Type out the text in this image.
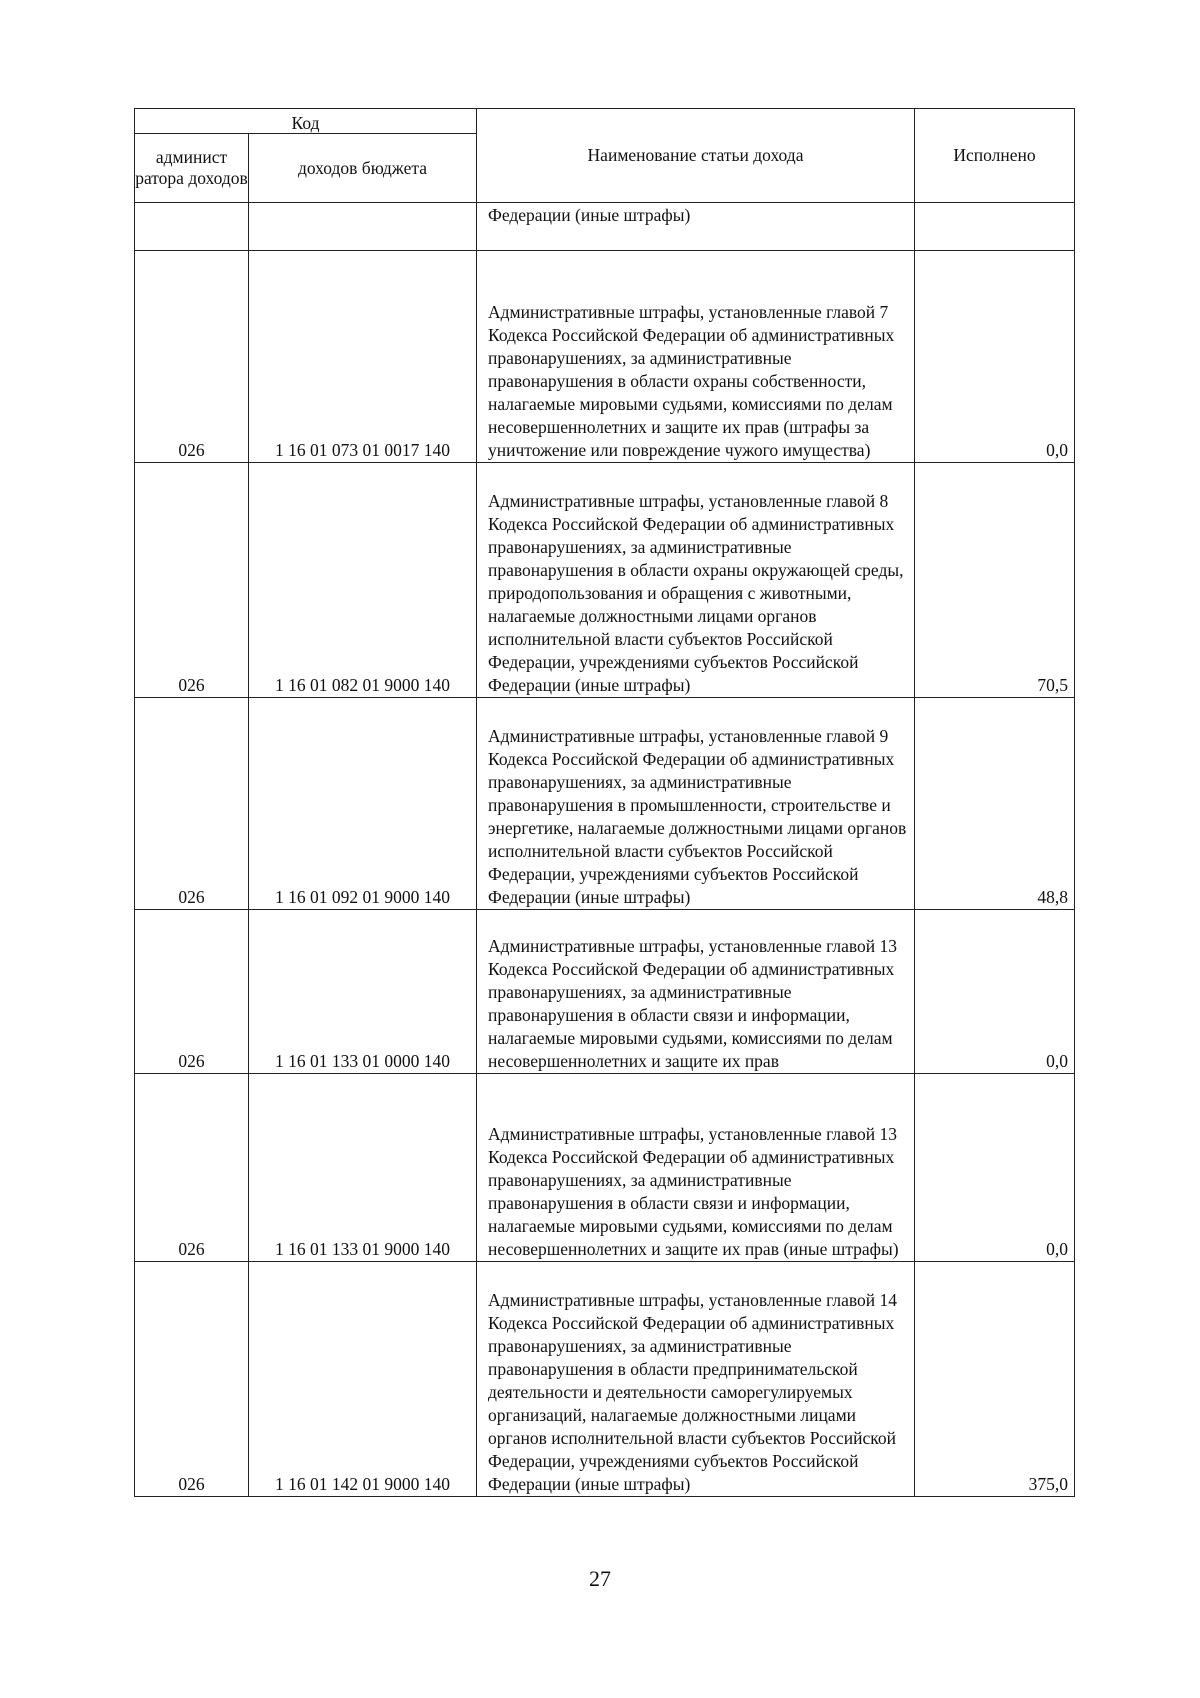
Код		Наименование статьи дохода	Исполнено
админист ратора доходов	доходов бюджета		
		Федерации (иные штрафы)	
026	1 16 01 073 01 0017 140	Административные штрафы, установленные главой 7 Кодекса Российской Федерации об административных правонарушениях, за административные правонарушения в области охраны собственности, налагаемые мировыми судьями, комиссиями по делам несовершеннолетних и защите их прав (штрафы за уничтожение или повреждение чужого имущества)	0,0
026	1 16 01 082 01 9000 140	Административные штрафы, установленные главой 8 Кодекса Российской Федерации об административных правонарушениях, за административные правонарушения в области охраны окружающей среды, природопользования и обращения с животными, налагаемые должностными лицами органов исполнительной власти субъектов Российской Федерации, учреждениями субъектов Российской Федерации (иные штрафы)	70,5
026	1 16 01 092 01 9000 140	Административные штрафы, установленные главой 9 Кодекса Российской Федерации об административных правонарушениях, за административные правонарушения в промышленности, строительстве и энергетике, налагаемые должностными лицами органов исполнительной власти субъектов Российской Федерации, учреждениями субъектов Российской Федерации (иные штрафы)	48,8
026	1 16 01 133 01 0000 140	Административные штрафы, установленные главой 13 Кодекса Российской Федерации об административных правонарушениях, за административные правонарушения в области связи и информации, налагаемые мировыми судьями, комиссиями по делам несовершеннолетних и защите их прав	0,0
026	1 16 01 133 01 9000 140	Административные штрафы, установленные главой 13 Кодекса Российской Федерации об административных правонарушениях, за административные правонарушения в области связи и информации, налагаемые мировыми судьями, комиссиями по делам несовершеннолетних и защите их прав (иные штрафы)	0,0
026	1 16 01 142 01 9000 140	Административные штрафы, установленные главой 14 Кодекса Российской Федерации об административных правонарушениях, за административные правонарушения в области предпринимательской деятельности и деятельности саморегулируемых организаций, налагаемые должностными лицами органов исполнительной власти субъектов Российской Федерации, учреждениями субъектов Российской Федерации (иные штрафы)	375,0
27
